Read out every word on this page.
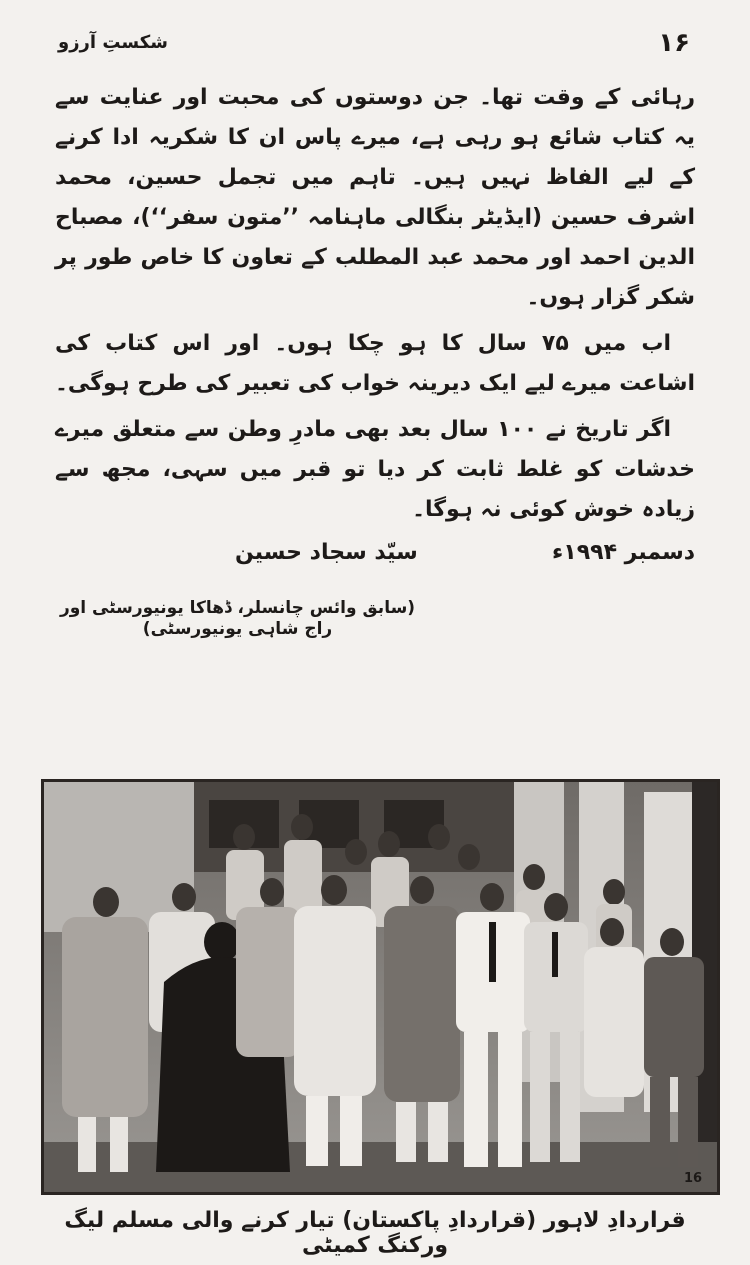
شکستِ آرزو	۱۶

رہائی کے وقت تھا۔ جن دوستوں کی محبت اور عنایت سے یہ کتاب شائع ہو رہی ہے، میرے پاس ان کا شکریہ ادا کرنے کے لیے الفاظ نہیں ہیں۔ تاہم میں تجمل حسین، محمد اشرف حسین (ایڈیٹر بنگالی ماہنامہ ’’متون سفر‘‘)، مصباح الدین احمد اور محمد عبد المطلب کے تعاون کا خاص طور پر شکر گزار ہوں۔

اب میں ۷۵ سال کا ہو چکا ہوں۔ اور اس کتاب کی اشاعت میرے لیے ایک دیرینہ خواب کی تعبیر کی طرح ہوگی۔

اگر تاریخ نے ۱۰۰ سال بعد بھی مادرِ وطن سے متعلق میرے خدشات کو غلط ثابت کر دیا تو قبر میں سہی، مجھ سے زیادہ خوش کوئی نہ ہوگا۔

دسمبر ۱۹۹۴ء
سیّد سجاد حسین
(سابق وائس چانسلر، ڈھاکا یونیورسٹی اور راج شاہی یونیورسٹی)
16
قراردادِ لاہور (قراردادِ پاکستان) تیار کرنے والی مسلم لیگ ورکنگ کمیٹی
